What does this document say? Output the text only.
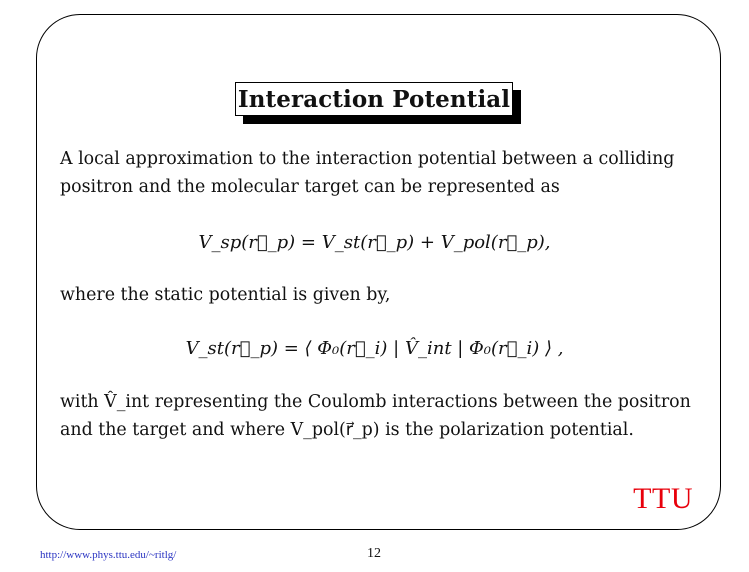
Interaction Potential

A local approximation to the interaction potential between a colliding
positron and the molecular target can be represented as

V_sp(r⃗_p) = V_st(r⃗_p) + V_pol(r⃗_p),

where the static potential is given by,

V_st(r⃗_p) = ⟨ Φ₀(r⃗_i) | V̂_int | Φ₀(r⃗_i) ⟩ ,

with V̂_int representing the Coulomb interactions between the positron
and the target and where V_pol(r⃗_p) is the polarization potential.

TTU
http://www.phys.ttu.edu/~ritlg/	12
